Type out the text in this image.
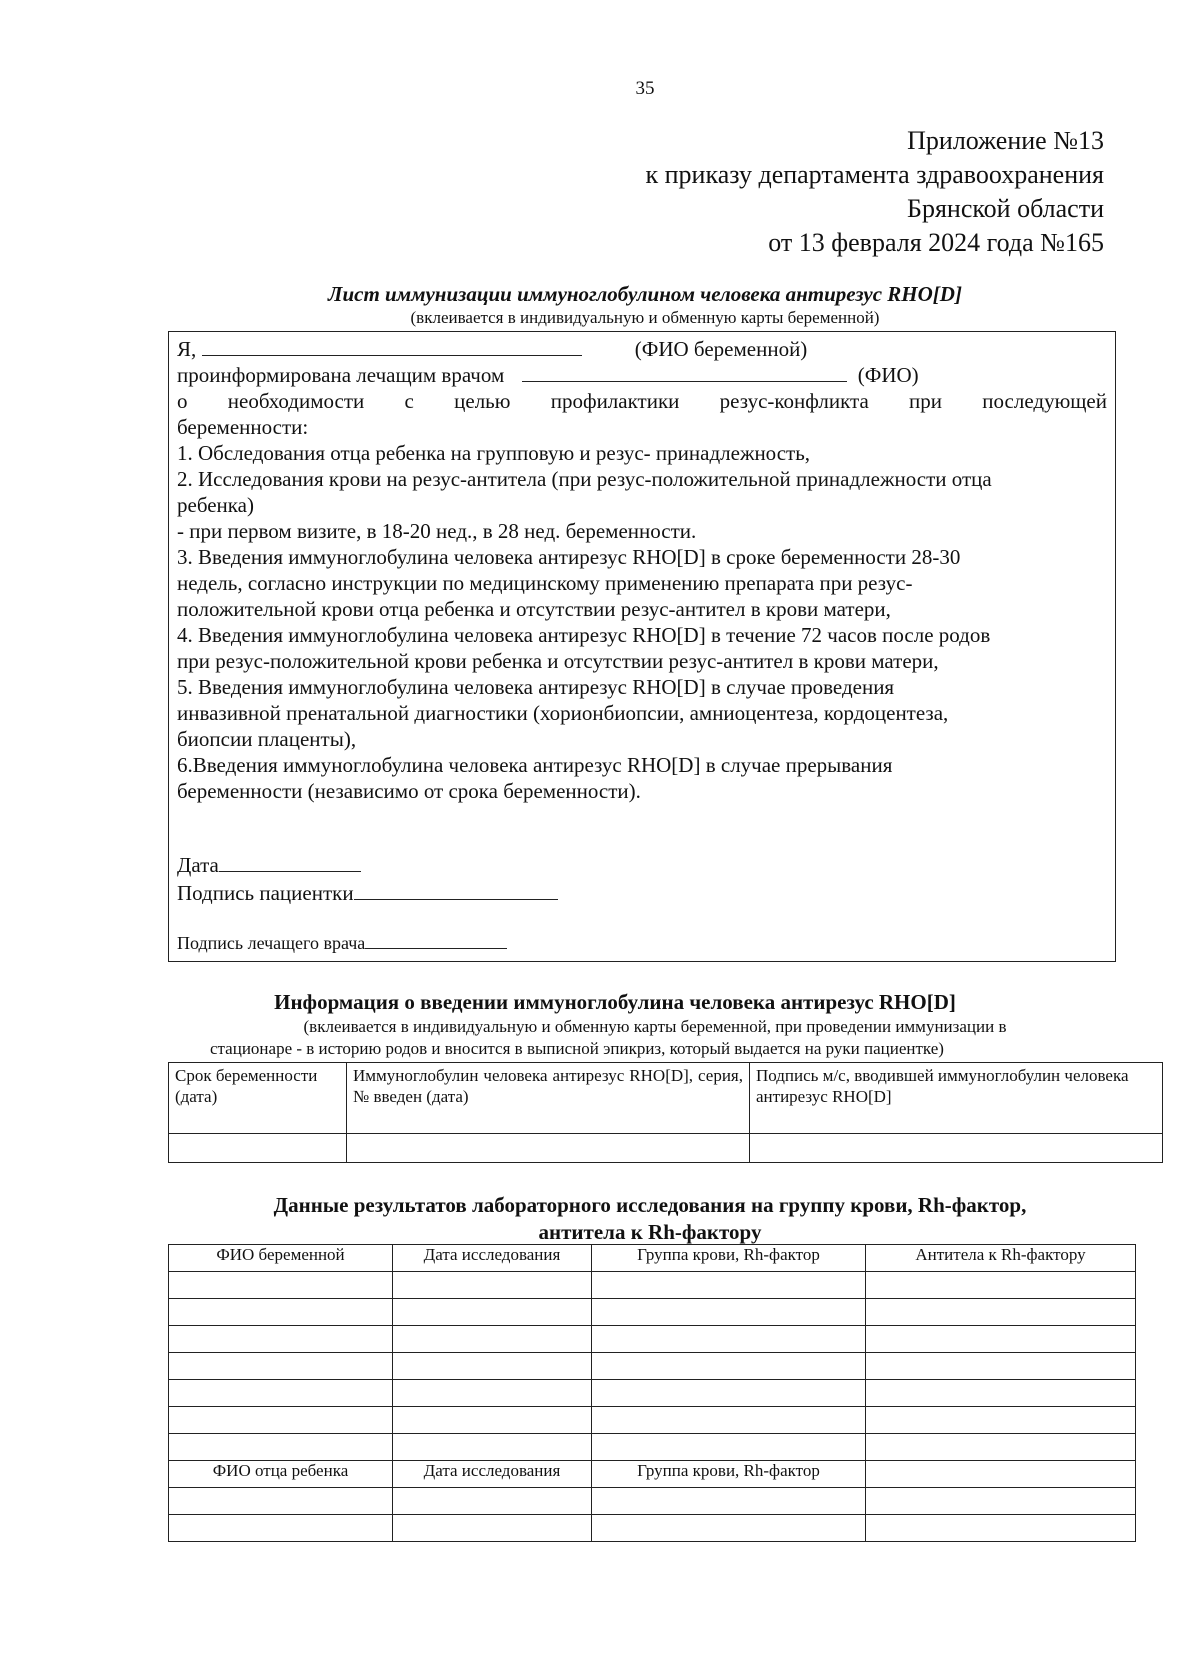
35
Приложение №13
к приказу департамента здравоохранения
Брянской области
от 13 февраля 2024 года №165
Лист иммунизации иммуноглобулином человека антирезус RHO[D]
(вклеивается в индивидуальную и обменную карты беременной)
Я,	(ФИО беременной)
проинформирована лечащим врачом	(ФИО)
о необходимости с целью профилактики резус-конфликта при последующей
беременности:
1. Обследования отца ребенка на групповую и резус- принадлежность,
2. Исследования крови на резус-антитела (при резус-положительной принадлежности отца
ребенка)
- при первом визите, в 18-20 нед., в 28 нед. беременности.
3. Введения иммуноглобулина человека антирезус RHO[D] в сроке беременности 28-30
недель, согласно инструкции по медицинскому применению препарата при резус-
положительной крови отца ребенка и отсутствии резус-антител в крови матери,
4. Введения иммуноглобулина человека антирезус RHO[D] в течение 72 часов после родов
при резус-положительной крови ребенка и отсутствии резус-антител в крови матери,
5. Введения иммуноглобулина человека антирезус RHO[D] в случае проведения
инвазивной пренатальной диагностики (хорионбиопсии, амниоцентеза, кордоцентеза,
биопсии плаценты),
6.Введения иммуноглобулина человека антирезус RHO[D] в случае прерывания
беременности (независимо от срока беременности).
Дата
Подпись пациентки
Подпись лечащего врача
Информация о введении иммуноглобулина человека антирезус RHO[D]
(вклеивается в индивидуальную и обменную карты беременной, при проведении иммунизации в
стационаре - в историю родов и вносится в выписной эпикриз, который выдается на руки пациентке)
Срок беременности (дата)	Иммуноглобулин человека антирезус RHO[D], серия, № введен (дата)	Подпись м/с, вводившей иммуноглобулин человека антирезус RHO[D]

Данные результатов лабораторного исследования на группу крови, Rh-фактор,
антитела к Rh-фактору
ФИО беременной	Дата исследования	Группа крови, Rh-фактор	Антитела к Rh-фактору

ФИО отца ребенка	Дата исследования	Группа крови, Rh-фактор	
